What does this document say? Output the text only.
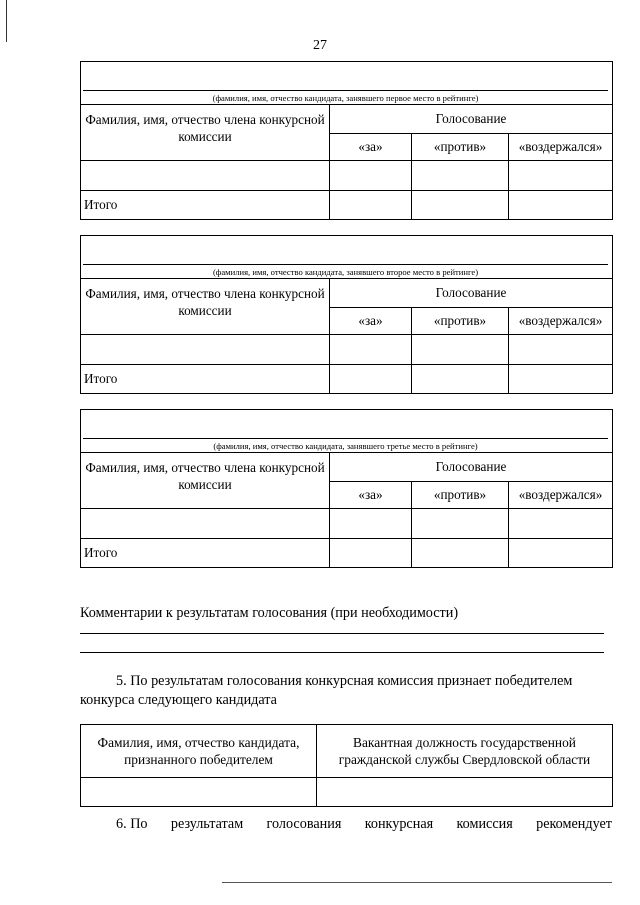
27
(фамилия, имя, отчество кандидата, занявшего первое место в рейтинге)			

Фамилия, имя, отчество члена конкурсной комиссии	Голосование		
	«за»	«против»	«воздержался»

Итого			
(фамилия, имя, отчество кандидата, занявшего второе место в рейтинге)			

Фамилия, имя, отчество члена конкурсной комиссии	Голосование		
	«за»	«против»	«воздержался»

Итого			
(фамилия, имя, отчество кандидата, занявшего третье место в рейтинге)			

Фамилия, имя, отчество члена конкурсной комиссии	Голосование		
	«за»	«против»	«воздержался»

Итого			
Комментарии к результатам голосования (при необходимости)
5. По результатам голосования конкурсная комиссия признает победителем
конкурса следующего кандидата
Фамилия, имя, отчество кандидата, признанного победителем	Вакантная должность государственной гражданской службы Свердловской области

6. По результатам голосования конкурсная комиссия рекомендует
